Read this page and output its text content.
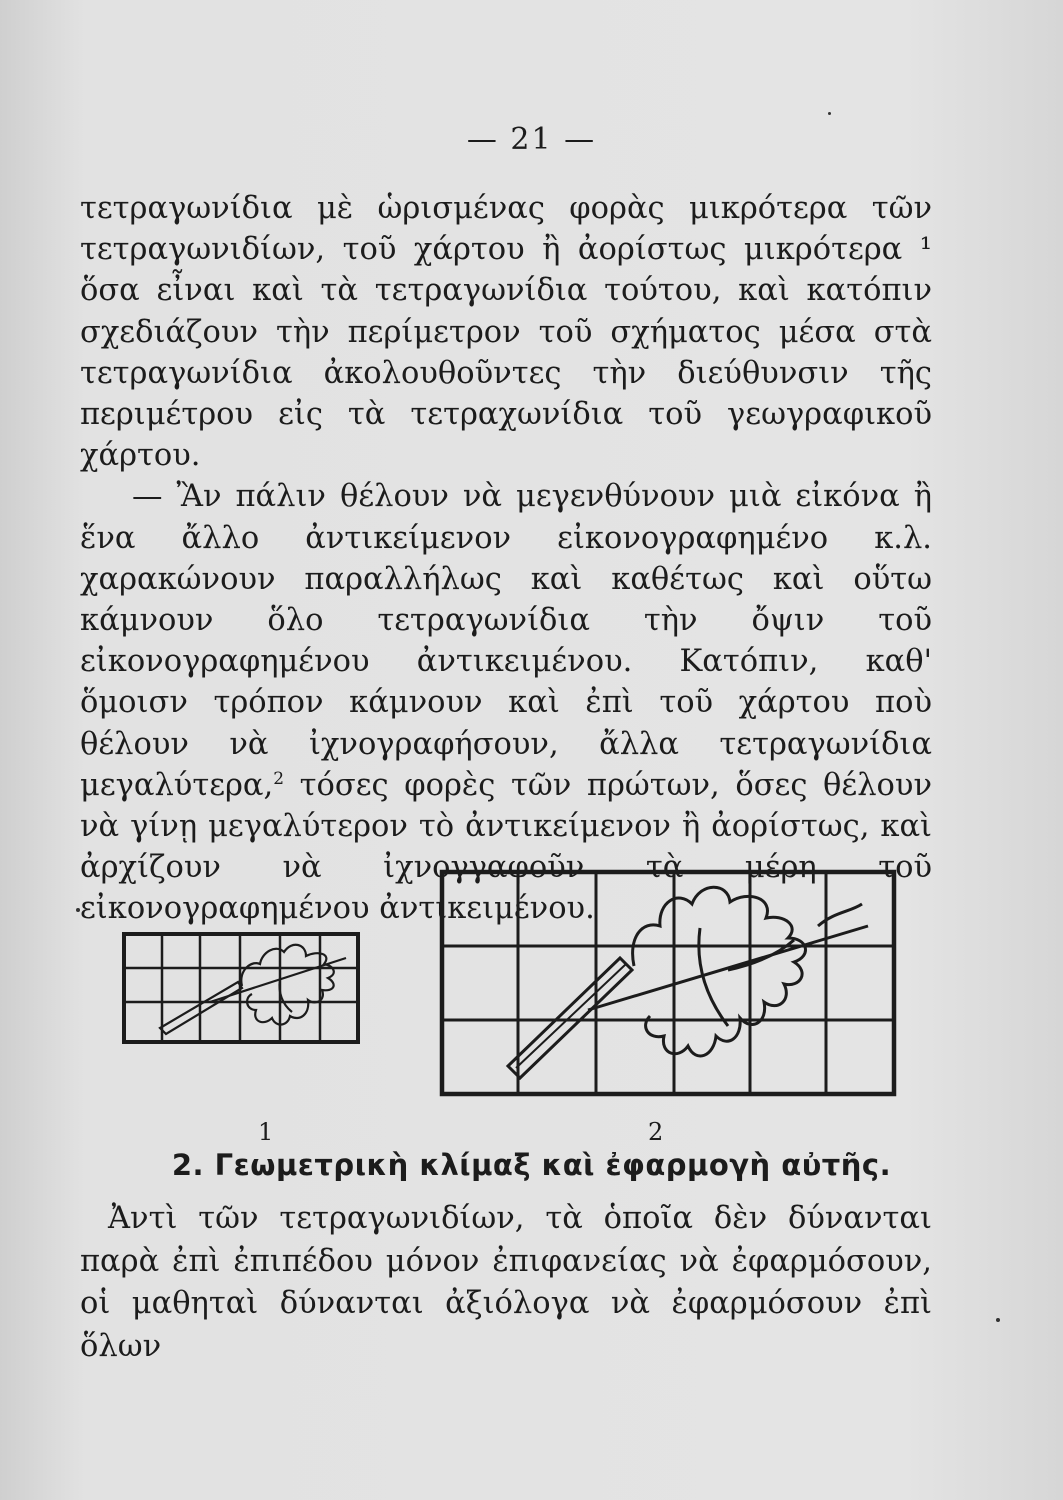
— 21 —

τετραγωνίδια μὲ ὡρισμένας φορὰς μικρότερα τῶν τετραγωνιδίων, τοῦ χάρτου ἢ ἀορίστως μικρότερα ¹ ὅσα εἶναι καὶ τὰ τετραγωνίδια τούτου, καὶ κατόπιν σχεδιάζουν τὴν περίμετρον τοῦ σχήματος μέσα στὰ τετραγωνίδια ἀκολουθοῦντες τὴν διεύθυνσιν τῆς περιμέτρου εἰς τὰ τετραχωνίδια τοῦ γεωγραφικοῦ χάρτου.

— Ἂν πάλιν θέλουν νὰ μεγενθύνουν μιὰ εἰκόνα ἢ ἕνα ἄλλο ἀντικείμενον εἰκονογραφημένο κ.λ. χαρακώνουν παραλλήλως καὶ καθέτως καὶ οὕτω κάμνουν ὅλο τετραγωνίδια τὴν ὄψιν τοῦ εἰκονογραφημένου ἀντικειμένου. Κατόπιν, καθ' ὅμοισν τρόπον κάμνουν καὶ ἐπὶ τοῦ χάρτου ποὺ θέλουν νὰ ἰχνογραφήσουν, ἄλλα τετραγωνίδια μεγαλύτερα,$^2$ τόσες φορὲς τῶν πρώτων, ὅσες θέλουν νὰ γίνῃ μεγαλύτερον τὸ ἀντικείμενον ἢ ἀορίστως, καὶ ἀρχίζουν νὰ ἰχνογγαφοῦν τὰ μέρη τοῦ εἰκονογραφημένου ἀντικειμένου.

1	2
2. Γεωμετρικὴ κλίμαξ καὶ ἐφαρμογὴ αὐτῆς.

Ἀντὶ τῶν τετραγωνιδίων, τὰ ὁποῖα δὲν δύνανται παρὰ ἐπὶ ἐπιπέδου μόνον ἐπιφανείας νὰ ἐφαρμόσουν, οἱ μαθηταὶ δύνανται ἀξιόλογα νὰ ἐφαρμόσουν ἐπὶ ὅλων
